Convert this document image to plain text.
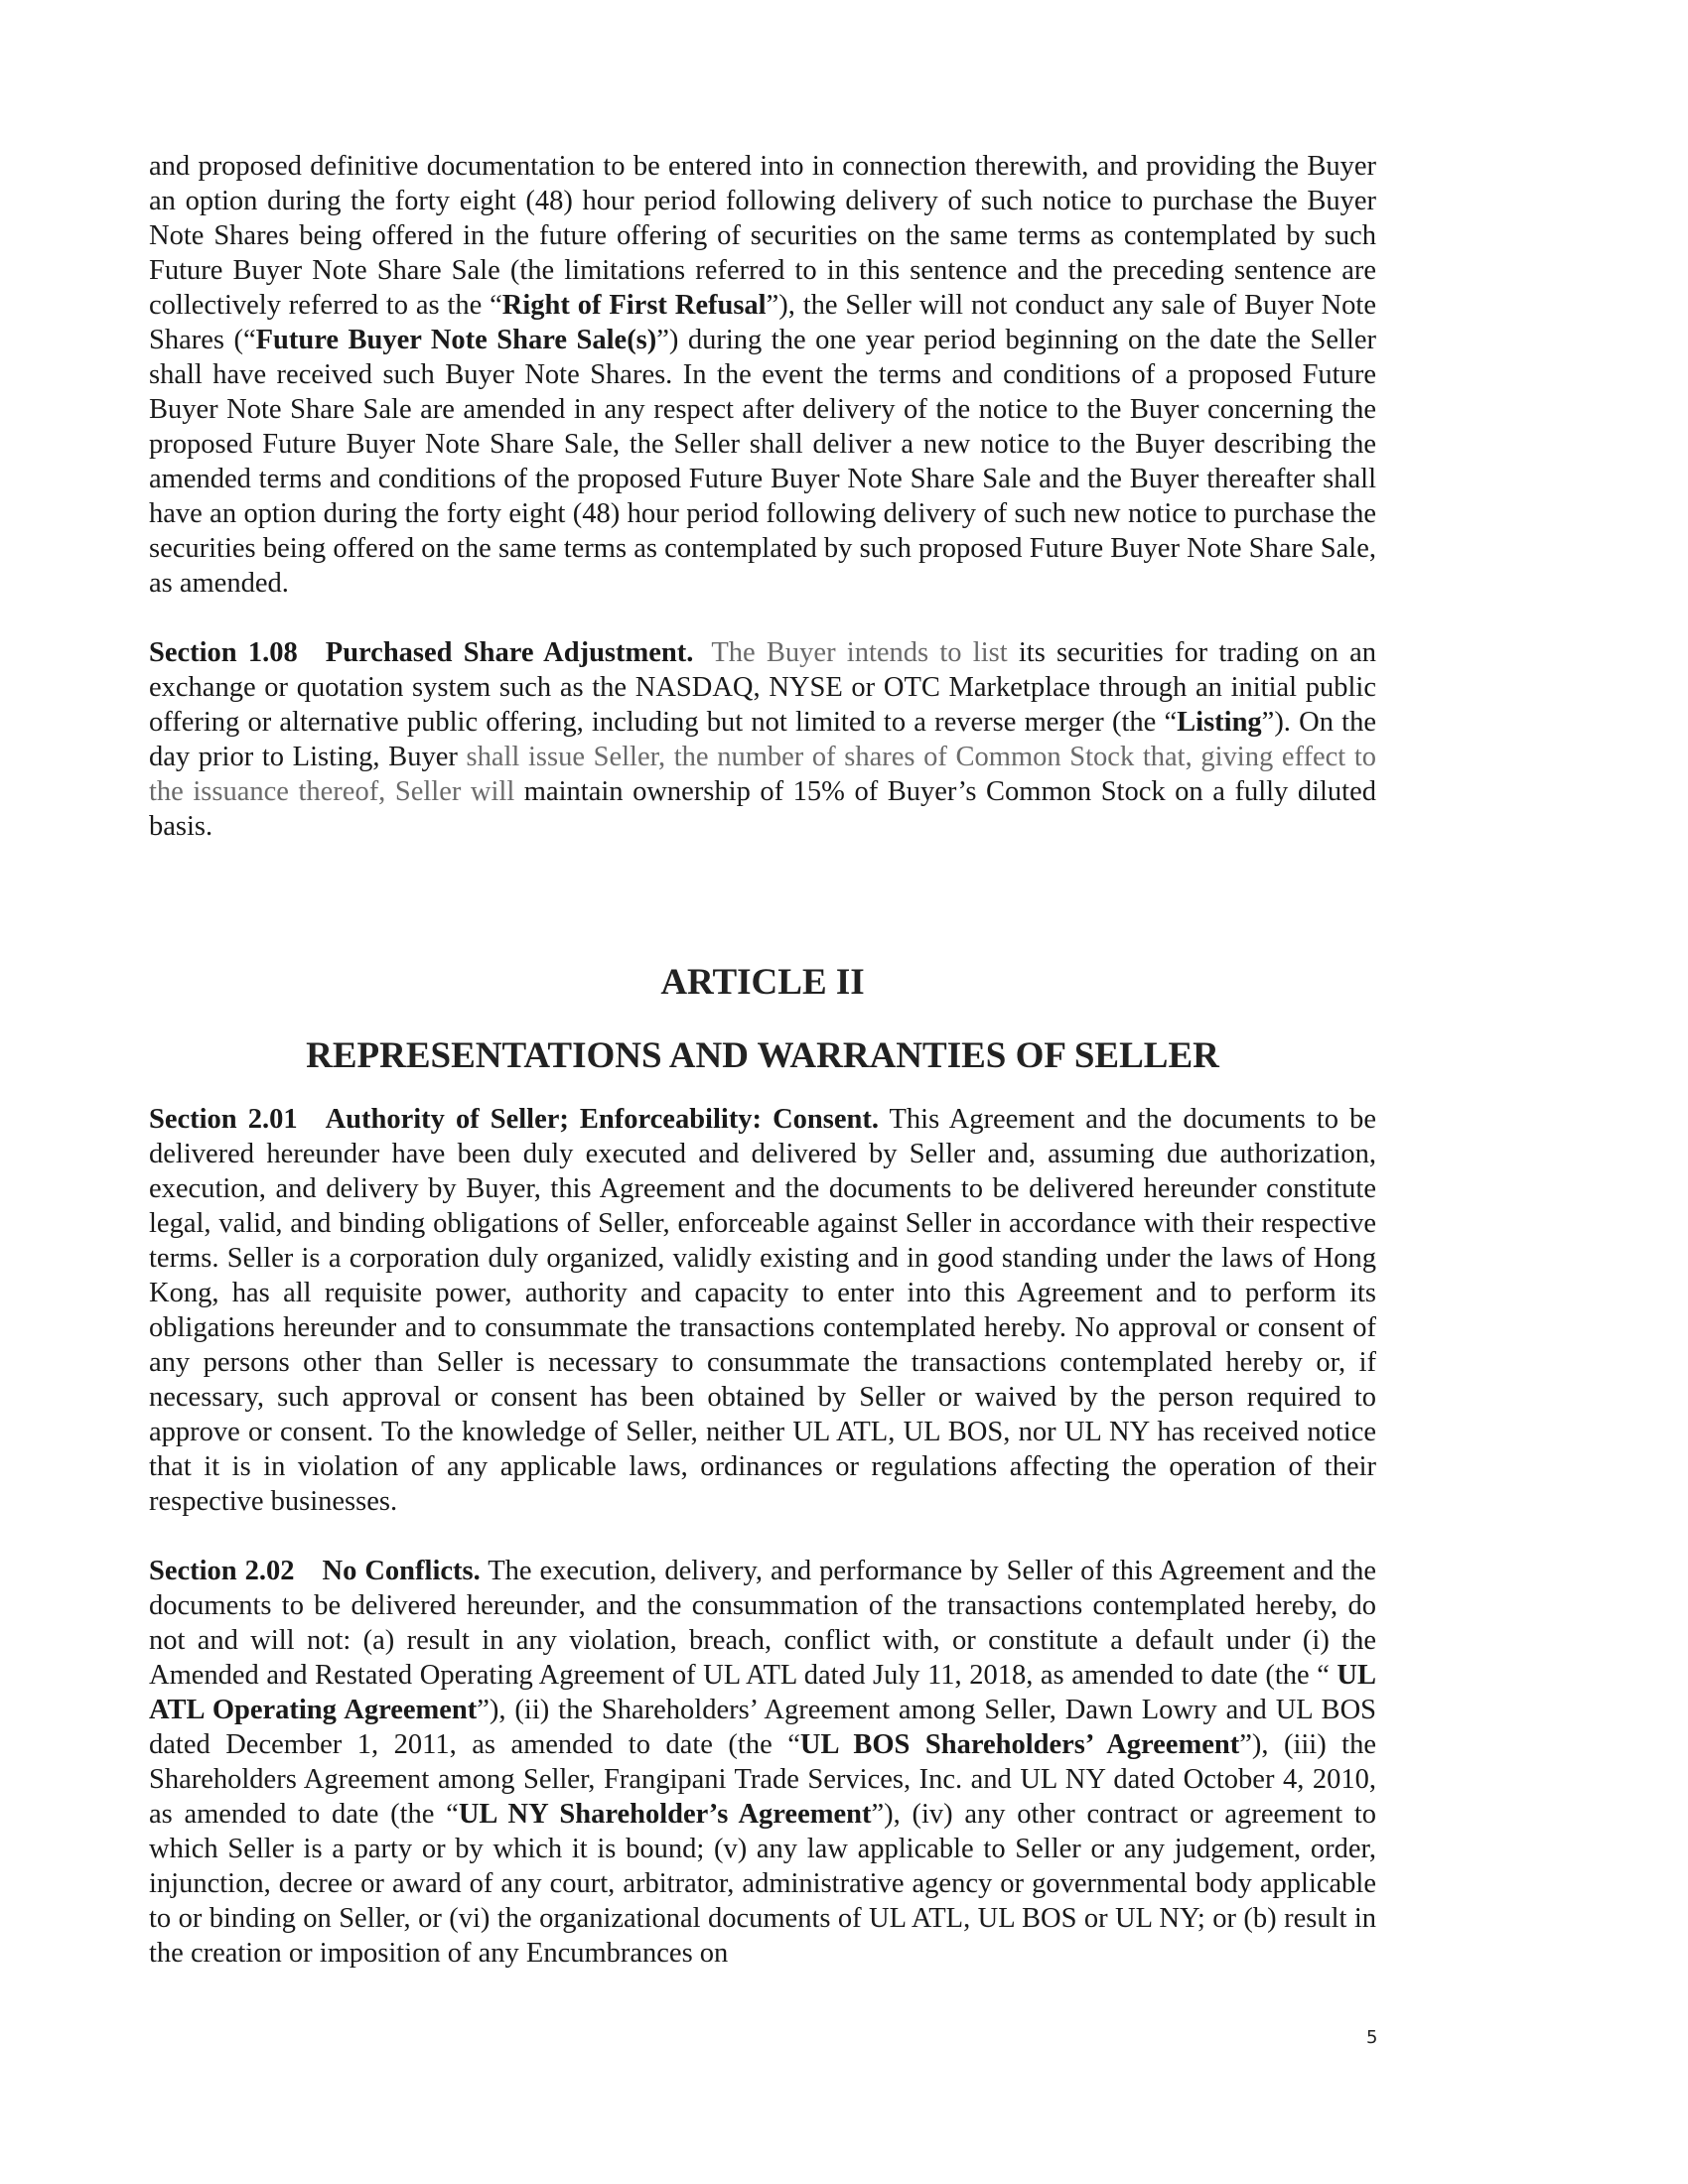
and proposed definitive documentation to be entered into in connection therewith, and providing the Buyer an option during the forty eight (48) hour period following delivery of such notice to purchase the Buyer Note Shares being offered in the future offering of securities on the same terms as contemplated by such Future Buyer Note Share Sale (the limitations referred to in this sentence and the preceding sentence are collectively referred to as the “Right of First Refusal”), the Seller will not conduct any sale of Buyer Note Shares (“Future Buyer Note Share Sale(s)”) during the one year period beginning on the date the Seller shall have received such Buyer Note Shares. In the event the terms and conditions of a proposed Future Buyer Note Share Sale are amended in any respect after delivery of the notice to the Buyer concerning the proposed Future Buyer Note Share Sale, the Seller shall deliver a new notice to the Buyer describing the amended terms and conditions of the proposed Future Buyer Note Share Sale and the Buyer thereafter shall have an option during the forty eight (48) hour period following delivery of such new notice to purchase the securities being offered on the same terms as contemplated by such proposed Future Buyer Note Share Sale, as amended.

Section 1.08 Purchased Share Adjustment. The Buyer intends to list its securities for trading on an exchange or quotation system such as the NASDAQ, NYSE or OTC Marketplace through an initial public offering or alternative public offering, including but not limited to a reverse merger (the “Listing”). On the day prior to Listing, Buyer shall issue Seller, the number of shares of Common Stock that, giving effect to the issuance thereof, Seller will maintain ownership of 15% of Buyer’s Common Stock on a fully diluted basis.

ARTICLE II

REPRESENTATIONS AND WARRANTIES OF SELLER

Section 2.01 Authority of Seller; Enforceability: Consent. This Agreement and the documents to be delivered hereunder have been duly executed and delivered by Seller and, assuming due authorization, execution, and delivery by Buyer, this Agreement and the documents to be delivered hereunder constitute legal, valid, and binding obligations of Seller, enforceable against Seller in accordance with their respective terms. Seller is a corporation duly organized, validly existing and in good standing under the laws of Hong Kong, has all requisite power, authority and capacity to enter into this Agreement and to perform its obligations hereunder and to consummate the transactions contemplated hereby. No approval or consent of any persons other than Seller is necessary to consummate the transactions contemplated hereby or, if necessary, such approval or consent has been obtained by Seller or waived by the person required to approve or consent. To the knowledge of Seller, neither UL ATL, UL BOS, nor UL NY has received notice that it is in violation of any applicable laws, ordinances or regulations affecting the operation of their respective businesses.

Section 2.02 No Conflicts. The execution, delivery, and performance by Seller of this Agreement and the documents to be delivered hereunder, and the consummation of the transactions contemplated hereby, do not and will not: (a) result in any violation, breach, conflict with, or constitute a default under (i) the Amended and Restated Operating Agreement of UL ATL dated July 11, 2018, as amended to date (the “ UL ATL Operating Agreement”), (ii) the Shareholders’ Agreement among Seller, Dawn Lowry and UL BOS dated December 1, 2011, as amended to date (the “UL BOS Shareholders’ Agreement”), (iii) the Shareholders Agreement among Seller, Frangipani Trade Services, Inc. and UL NY dated October 4, 2010, as amended to date (the “UL NY Shareholder’s Agreement”), (iv) any other contract or agreement to which Seller is a party or by which it is bound; (v) any law applicable to Seller or any judgement, order, injunction, decree or award of any court, arbitrator, administrative agency or governmental body applicable to or binding on Seller, or (vi) the organizational documents of UL ATL, UL BOS or UL NY; or (b) result in the creation or imposition of any Encumbrances on

5
